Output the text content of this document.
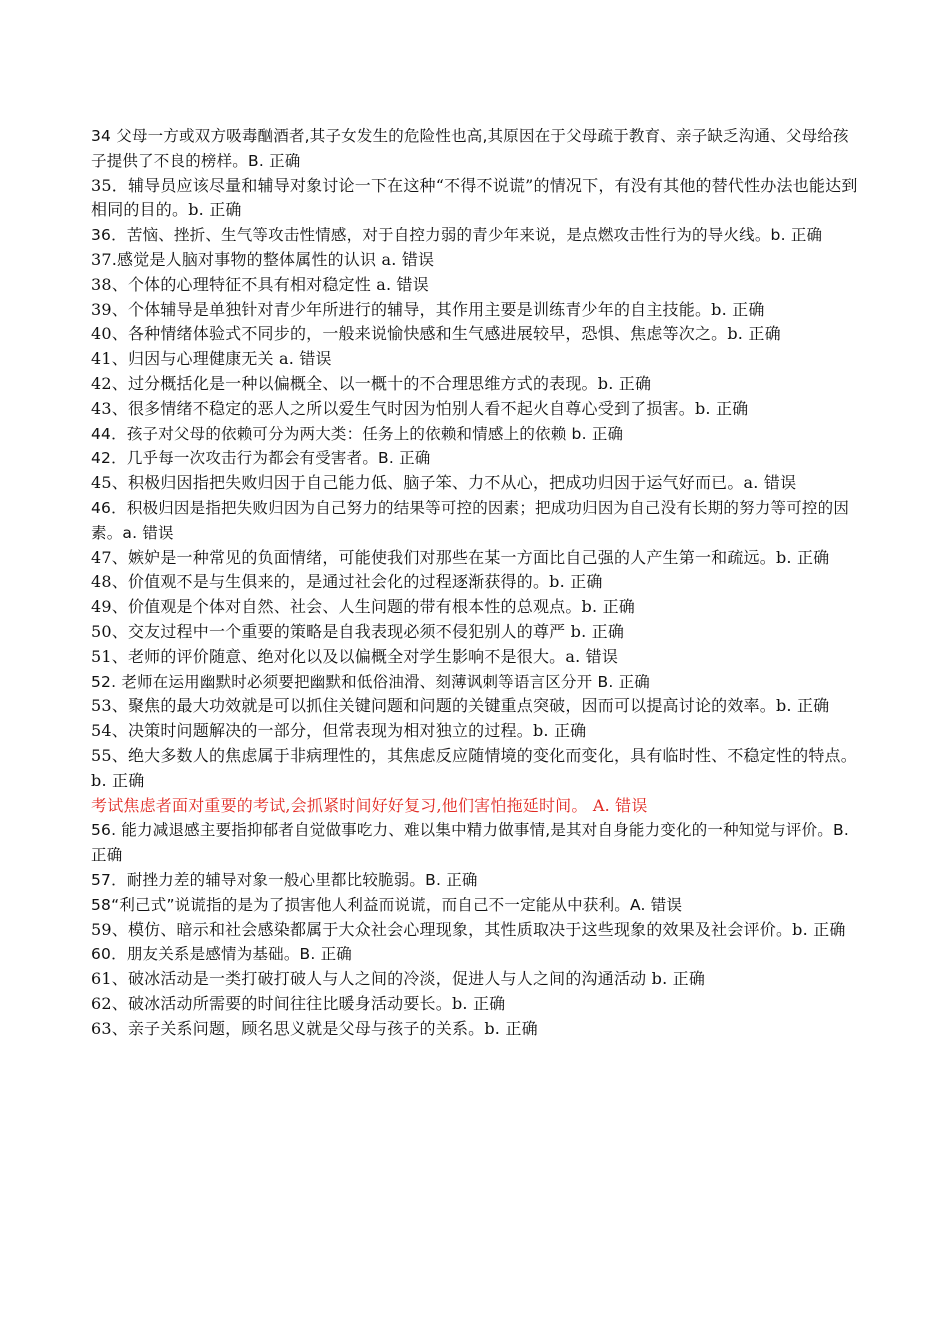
34 父母一方或双方吸毒酗酒者,其子女发生的危险性也高,其原因在于父母疏于教育、亲子缺乏沟通、父母给孩子提供了不良的榜样。B. 正确

35．辅导员应该尽量和辅导对象讨论一下在这种“不得不说谎”的情况下，有没有其他的替代性办法也能达到相同的目的。b. 正确

36．苦恼、挫折、生气等攻击性情感，对于自控力弱的青少年来说，是点燃攻击性行为的导火线。b. 正确

37.感觉是人脑对事物的整体属性的认识 a. 错误

38、个体的心理特征不具有相对稳定性 a. 错误

39、个体辅导是单独针对青少年所进行的辅导，其作用主要是训练青少年的自主技能。b. 正确

40、各种情绪体验式不同步的，一般来说愉快感和生气感进展较早，恐惧、焦虑等次之。b. 正确

41、归因与心理健康无关 a. 错误

42、过分概括化是一种以偏概全、以一概十的不合理思维方式的表现。b. 正确

43、很多情绪不稳定的恶人之所以爱生气时因为怕别人看不起火自尊心受到了损害。b. 正确

44．孩子对父母的依赖可分为两大类：任务上的依赖和情感上的依赖 b. 正确

42．几乎每一次攻击行为都会有受害者。B. 正确

45、积极归因指把失败归因于自己能力低、脑子笨、力不从心，把成功归因于运气好而已。a. 错误

46．积极归因是指把失败归因为自己努力的结果等可控的因素；把成功归因为自己没有长期的努力等可控的因素。a. 错误

47、嫉妒是一种常见的负面情绪，可能使我们对那些在某一方面比自己强的人产生第一和疏远。b. 正确

48、价值观不是与生俱来的，是通过社会化的过程逐渐获得的。b. 正确

49、价值观是个体对自然、社会、人生问题的带有根本性的总观点。b. 正确

50、交友过程中一个重要的策略是自我表现必须不侵犯别人的尊严 b. 正确

51、老师的评价随意、绝对化以及以偏概全对学生影响不是很大。a. 错误

52. 老师在运用幽默时必须要把幽默和低俗油滑、刻薄讽刺等语言区分开 B. 正确

53、聚焦的最大功效就是可以抓住关键问题和问题的关键重点突破，因而可以提高讨论的效率。b. 正确

54、决策时问题解决的一部分，但常表现为相对独立的过程。b. 正确

55、绝大多数人的焦虑属于非病理性的，其焦虑反应随情境的变化而变化，具有临时性、不稳定性的特点。b. 正确

考试焦虑者面对重要的考试,会抓紧时间好好复习,他们害怕拖延时间。 A. 错误

56. 能力减退感主要指抑郁者自觉做事吃力、难以集中精力做事情,是其对自身能力变化的一种知觉与评价。B. 正确

57．耐挫力差的辅导对象一般心里都比较脆弱。B. 正确

58“利己式”说谎指的是为了损害他人利益而说谎，而自己不一定能从中获利。A. 错误

59、模仿、暗示和社会感染都属于大众社会心理现象，其性质取决于这些现象的效果及社会评价。b. 正确

60．朋友关系是感情为基础。B. 正确

61、破冰活动是一类打破打破人与人之间的冷淡，促进人与人之间的沟通活动 b. 正确

62、破冰活动所需要的时间往往比暖身活动要长。b. 正确

63、亲子关系问题，顾名思义就是父母与孩子的关系。b. 正确
